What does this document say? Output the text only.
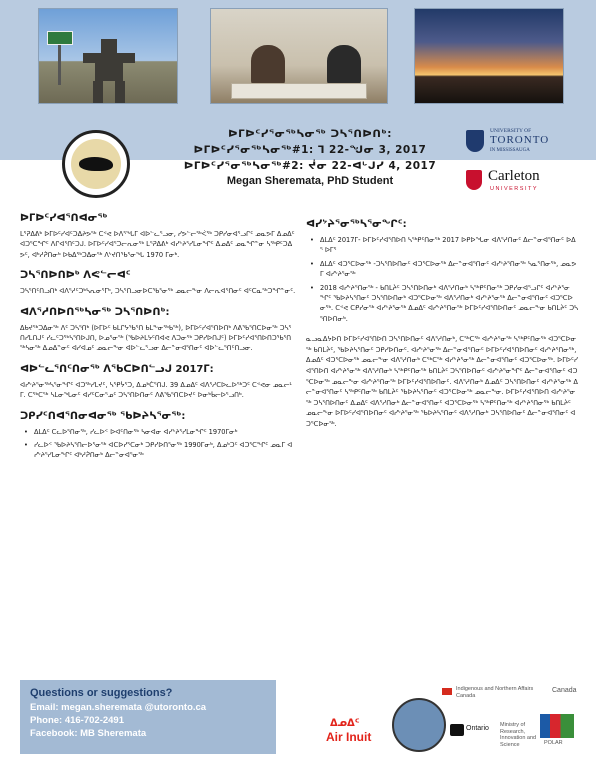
ᐅᒥᐅᑦᓯᕐᓂᖅᓴᓂᖅ ᑐᓴᕐᑎᐅᑎᒃ:
ᐅᒥᐅᑦᓯᕐᓂᖅᓴᓂᖅ#1: ᒣ 22-ᖑᓂ 3, 2017
ᐅᒥᐅᑦᓯᕐᓂᖅᓴᓂᖅ#2: ᔫᓂ 22-ᐊᒡᒍᓯ 4, 2017
Megan Sheremata, PhD Student
UNIVERSITY OF
TORONTO
IN MISSISSAUGA
Carleton
UNIVERSITY
ᐅᒥᐅᑦᓯᐊᕐᑎᐊᓂᖅ
ᒪᕐᕈᐃᕕᒃ ᐅᒥᐅᑦᓯᐊᑦᑐᐃᔨᕗᖅ ᑕᕝᕙ ᐅᐱᕐᖓᒥ ᐊᐅᓪᓚᕐᓗᓂ, ᓯᕗᓪᓕᖅᐹᖅ ᑐᑭᓯᓂᐊᕐᓗᒋᑦ ᓄᓇᕗᒥ ᐃᓄᐃᑦ ᐊᑐᕐᑕᖏᑦ ᐱᒋᐊᕐᑎᑦᑐᒍ. ᐅᒥᐅᑦᓯᐊᕐᑐᓕᕆᓂᖅ ᒪᕐᕈᐃᕕᒃ ᐊᓯᔾᔨᕐᓯᒪᓂᖏᑦ ᐃᓄᐃᑦ ᓄᓇᖏᓐᓂ ᓴᖅᑭᑦᑐᐃᕗᑦ, ᐊᒃᓱᕉᑎᓂᒃ ᐅᑲᐃᖅᑐᐃᓂᖅ ᐱᔾᔪᑎᖃᕐᓂᖓ 1970 ᒥᓂᒃ.
ᑐᓴᕐᑎᐅᑎᐅᒃ ᐱᕙᓪᓕᐊᑦ
ᑐᓴᕐᑎᑦᑎᓗᑎᒃ ᐊᐱᕐᓱᑦᑐᒃᓴᕆᓂᕐᒥᒃ, ᑐᓴᕐᑎᓗᓂᐅᑕᖃᕐᓂᖅ ᓄᓇᓕᖕᓂ ᐱᓕᕆᐊᕐᑎᓂᑦ ᐊᑦᑕᓇᖅᑐᖏᓐᓂᑦ.
ᐊᐱᕐᓱᑎᐅᑎᖅᓴᓂᖅ ᑐᓴᕐᑎᐅᑎᒃ:
ᐃᑲᔪᖅᑐᐃᓂᖅ ᐱᑦ ᑐᓴᕐᑎᒃ (ᐅᒥᐅᑦ ᑲᒪᒋᔭᖃᕐᑎ ᑲᒪᖕᓂᖅᑲᖅ), ᐅᒥᐅᑦᓯᐊᕐᑎᐅᑎᒃ ᐱᕕᖃᕐᑎᑕᐅᓂᖅ ᑐᓴᕐᑎᓯᒪᑎᒍᑦ ᓯᓚᑦᑐᖅᓴᕐᑎᐅᒍᑎ, ᐅᓄᕐᓂᖅ (ᖃᐅᔨᒪᔭᑦᑎᐊᕙ ᐱᑐᓂᖅ ᑐᑭᓯᐅᑎᒍᑦ) ᐅᒥᐅᑦᓯᐊᕐᑎᐅᑎᑐᖃᕐᑎᖅᓴᓂᖅ ᐃᓄᐃᓐᓂᑦ ᐊᓯᐊᓄᑦ ᓄᓇᓕᖕᓂ ᐊᐅᓪᓚᕐᓗᓂ ᐃᓕᓐᓂᐊᕐᑎᓂᑦ ᐊᐅᓪᓚᕐᑎᑦᑎᓗᓂ.
ᐊᐅᓪᓚᕐᑎᑦᑎᓂᖅ ᐱᖃᑕᐅᑎᓪᓗᒍ 2017ᒥ:
ᐊᓯᔾᔨᕐᓂᖅᓴᕐᓂᖏᑦ ᐊᑐᖅᓯᒪᔪᑦ, ᓴᕿᔮᕐᑐ, ᐃᓄᒃᑖᕐᑎᒍ. 39 ᐃᓄᐃᑦ ᐊᐱᕐᓱᑕᐅᓚᐅᖅᑐᑦ ᑕᕝᕙᓂ ᓄᓇᓕᒻᒥ. ᑕᖅᑕᖅ ᓴᒪᓂᖓᓂᑦ ᐊᓯᑦᑕᓂᕐᓄᑦ ᑐᓴᕐᑎᐅᑎᓂᑦ ᐱᕕᖃᕐᑎᑕᐅᔪᑦ ᐅᓂᒃᑳᓕᐅᕐᓗᑎᒃ.
ᑐᑭᓯᑦᑎᐊᕐᑎᓂᐊᓂᖅ ᖃᐅᔨᓴᕐᓂᖅ:
• ᐃᒪᐃᑦ ᑕᓚᐅᕐᑎᓂᖅ, ᓯᓚᐅᑉ ᐅᐊᑦᑎᓂᖅ ᓴᓂᐊᓂ ᐊᓯᔾᔨᕐᓯᒪᓂᖏᑦ 1970ᒥᓂᒃ
• ᓯᓚᐅᑉ ᖃᐅᔨᓴᕐᑎᓕᐅᕐᓂᖅ ᐊᑕᐅᓯᕐᑕᓂᒃ ᑐᑭᓯᐅᑎᕐᓂᖅ 1990ᒥᓂᒃ, ᐃᓄᒃᑐᑦ ᐊᑐᕐᑕᖏᑦ ᓄᓇᒥ ᐊᓯᔾᔨᕐᓯᒪᓂᖏᑦ ᐊᒃᓱᕉᑎᓂᒃ ᐃᓕᓐᓂᐊᕐᓂᖅ
ᐊᓯᔾᔨᕐᓂᖅᓴᕐᓂᖏᑦ:
• ᐃᒪᐃᑦ 2017ᒥ- ᐅᒥᐅᑦᓯᐊᕐᑎᐅᑎ ᓴᖅᑭᑦᑎᓂᖅ 2017 ᐅᑭᐅᖓᓂ ᐊᐱᕐᓱᑎᓂᑦ ᐃᓕᓐᓂᐊᕐᑎᓂᑦ ᐅᐃᕐ ᐅᒥᕐ
• ᐃᒪᐃᑦ ᐊᑐᕐᑕᐅᓂᖅ -ᑐᓴᕐᑎᐅᑎᓂᑦ ᐊᑐᕐᑕᐅᓂᖅ ᐃᓕᓐᓂᐊᕐᑎᓂᑦ ᐊᓯᔾᔨᕐᑎᓂᖅ ᓴᓇᕐᑎᓂᖅ, ᓄᓇᕗᒥ ᐊᓯᔾᔨᕐᓂᖅ
• 2018 ᐊᓯᔾᔨᕐᑎᓂᖅ - ᑲᑎᒪᔩᑦ ᑐᓴᕐᑎᐅᑎᓂᒃ ᐊᐱᕐᓱᑎᓂᒃ ᓴᖅᑭᑦᑎᓂᖅ ᑐᑭᓯᓂᐊᕐᓗᒋᑦ ᐊᓯᔾᔨᕐᓂᖏᑦ ᖃᐅᔨᓴᕐᑎᓂᑦ ᑐᓴᕐᑎᐅᑎᓂᒃ ᐊᑐᕐᑕᐅᓂᖅ ᐊᐱᕐᓱᑎᓂᒃ ᐊᓯᔾᔨᕐᓂᖅ ᐃᓕᓐᓂᐊᕐᑎᓂᑦ ᐊᑐᕐᑕᐅᓂᖅ. ᑕᕝᕙ ᑕᑭᓯᓂᖅ ᐊᓯᔾᔨᕐᓂᖅ ᐃᓄᐃᑦ ᐊᓯᔾᔨᕐᑎᓂᖅ ᐅᒥᐅᑦᓯᐊᕐᑎᐅᑎᓂᑦ ᓄᓇᓕᖕᓂ ᑲᑎᒪᔩᑦ ᑐᓴᕐᑎᐅᑎᓂᒃ.
ᓇᓗᓇᐃᔭᐅᑎ ᐅᒥᐅᑦᓯᐊᕐᑎᐅᑎ ᑐᓴᕐᑎᐅᑎᓂᑦ ᐊᐱᕐᓱᑎᓂᒃ, ᑕᖅᑕᖅ ᐊᓯᔾᔨᕐᓂᖅ ᓴᖅᑭᑦᑎᓂᖅ ᐊᑐᕐᑕᐅᓂᖅ ᑲᑎᒪᔩᑦ, ᖃᐅᔨᓴᕐᑎᓂᑦ ᑐᑭᓯᐅᑎᓂᑦ. ᐊᓯᔾᔨᕐᓂᖅ ᐃᓕᓐᓂᐊᕐᑎᓂᑦ ᐅᒥᐅᑦᓯᐊᕐᑎᐅᑎᓂᑦ ᐊᓯᔾᔨᕐᑎᓂᖅ, ᐃᓄᐃᑦ ᐊᑐᕐᑕᐅᓂᖅ ᓄᓇᓕᖕᓂ ᐊᐱᕐᓱᑎᓂᒃ ᑕᖅᑕᖅ ᐊᓯᔾᔨᕐᓂᖅ ᐃᓕᓐᓂᐊᕐᑎᓂᑦ ᐊᑐᕐᑕᐅᓂᖅ. ᐅᒥᐅᑦᓯᐊᕐᑎᐅᑎ ᐊᓯᔾᔨᕐᓂᖅ ᐊᐱᕐᓱᑎᓂᒃ ᓴᖅᑭᑦᑎᓂᖅ ᑲᑎᒪᔩᑦ ᑐᓴᕐᑎᐅᑎᓂᑦ ᐊᓯᔾᔨᕐᓂᖏᑦ ᐃᓕᓐᓂᐊᕐᑎᓂᑦ ᐊᑐᕐᑕᐅᓂᖅ ᓄᓇᓕᖕᓂ ᐊᓯᔾᔨᕐᑎᓂᖅ ᐅᒥᐅᑦᓯᐊᕐᑎᐅᑎᓂᑦ. ᐊᐱᕐᓱᑎᓂᒃ ᐃᓄᐃᑦ ᑐᓴᕐᑎᐅᑎᓂᑦ ᐊᓯᔾᔨᕐᓂᖅ ᐃᓕᓐᓂᐊᕐᑎᓂᑦ ᓴᖅᑭᑦᑎᓂᖅ ᑲᑎᒪᔩᑦ ᖃᐅᔨᓴᕐᑎᓂᑦ ᐊᑐᕐᑕᐅᓂᖅ ᓄᓇᓕᖕᓂ. ᐅᒥᐅᑦᓯᐊᕐᑎᐅᑎ ᐊᓯᔾᔨᕐᓂᖅ ᑐᓴᕐᑎᐅᑎᓂᑦ ᐃᓄᐃᑦ ᐊᐱᕐᓱᑎᓂᒃ ᐃᓕᓐᓂᐊᕐᑎᓂᑦ ᐊᑐᕐᑕᐅᓂᖅ ᓴᖅᑭᑦᑎᓂᖅ ᐊᓯᔾᔨᕐᑎᓂᖅ ᑲᑎᒪᔩᑦ ᓄᓇᓕᖕᓂ ᐅᒥᐅᑦᓯᐊᕐᑎᐅᑎᓂᑦ ᐊᓯᔾᔨᕐᓂᖅ ᖃᐅᔨᓴᕐᑎᓂᑦ ᐊᐱᕐᓱᑎᓂᒃ ᑐᓴᕐᑎᐅᑎᓂᑦ ᐃᓕᓐᓂᐊᕐᑎᓂᑦ ᐊᑐᕐᑕᐅᓂᖅ.
Questions or suggestions?
Email: megan.sheremata @utoronto.ca
Phone: 416-702-2491
Facebook: MB Sheremata
Indigenous and Northern Affairs Canada
Canada
ᐃᓄᐃᑦ
Air Inuit
Ontario Ministry of Research, Innovation and Science	POLAR
